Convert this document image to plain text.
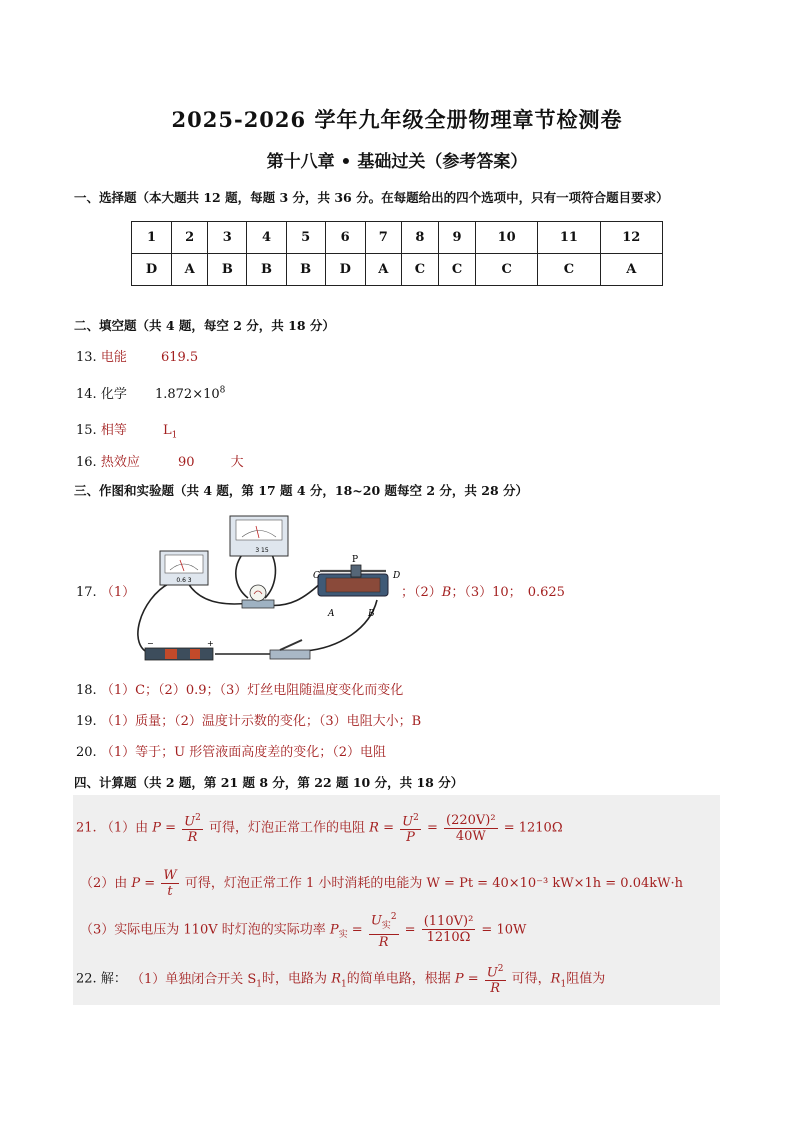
2025-2026 学年九年级全册物理章节检测卷
第十八章 • 基础过关（参考答案）
一、选择题（本大题共 12 题，每题 3 分，共 36 分。在每题给出的四个选项中，只有一项符合题目要求）
1	2	3	4	5	6	7	8	9	10	11	12
D	A	B	B	B	D	A	C	C	C	C	A
二、填空题（共 4 题，每空 2 分，共 18 分）
13. 电能	619.5
14. 化学 $1.872\times 10^8$
15. 相等	$L_1$
16. 热效应	90	大
三、作图和实验题（共 4 题，第 17 题 4 分，18~20 题每空 2 分，共 28 分）
17. （1）
0.6 3
3 15
P
C	D
A	B
−	+
；（2）B；（3）10； 0.625
18. （1）C；（2）0.9；（3）灯丝电阻随温度变化而变化
19. （1）质量；（2）温度计示数的变化；（3）电阻大小；B
20. （1）等于；U 形管液面高度差的变化；（2）电阻
四、计算题（共 2 题，第 21 题 8 分，第 22 题 10 分，共 18 分）
21. （1）由 $P = \frac{U^2}{R}$ 可得，灯泡正常工作的电阻 $R = \frac{U^2}{P} = \frac{\text{(220V)²}}{40W} = 1210\Omega$
（2）由 $P = \frac{W}{t}$ 可得，灯泡正常工作 1 小时消耗的电能为 W = Pt = 40×10⁻³ kW×1h = 0.04kW·h
（3）实际电压为 110V 时灯泡的实际功率 $P_实 = \frac{U_实^2}{R} = \frac{\text{(110V)²}}{1210\Omega} = 10W$
22. 解： （1）单独闭合开关 $S_1$时，电路为 $R_1$的简单电路，根据 $P = \frac{U^2}{R}$ 可得，$R_1$阻值为
